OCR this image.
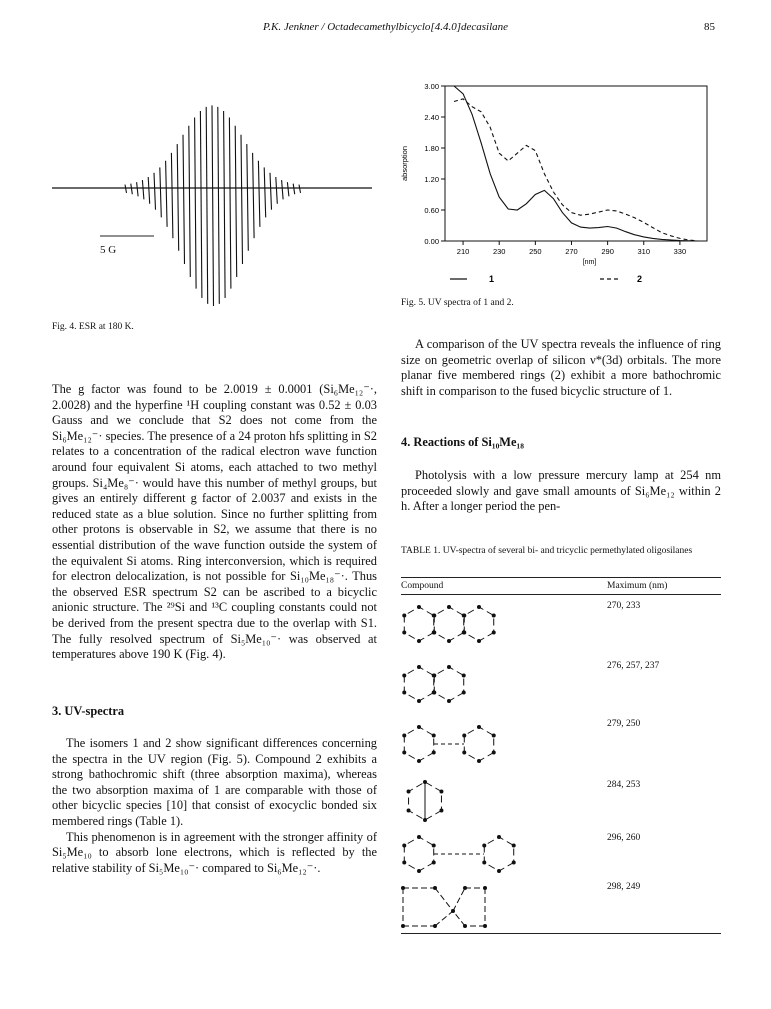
P.K. Jenkner / Octadecamethylbicyclo[4.4.0]decasilane	85
5 G
Fig. 4. ESR at 180 K.
0.00
0.60
1.20
1.80
2.40
3.00
210	230	250	270	290	310	330
[nm]
absorption
1	2
Fig. 5. UV spectra of 1 and 2.

The g factor was found to be 2.0019 ± 0.0001 (Si₆Me₁₂⁻·, 2.0028) and the hyperfine ¹H coupling constant was 0.52 ± 0.03 Gauss and we conclude that S2 does not come from the Si₆Me₁₂⁻· species. The presence of a 24 proton hfs splitting in S2 relates to a concentration of the radical electron wave function around four equivalent Si atoms, each attached to two methyl groups. Si₄Me₈⁻· would have this number of methyl groups, but gives an entirely different g factor of 2.0037 and exists in the reduced state as a blue solution. Since no further splitting from other protons is observable in S2, we assume that there is no essential distribution of the wave function outside the system of the equivalent Si atoms. Ring interconversion, which is required for electron delocalization, is not possible for Si₁₀Me₁₈⁻·. Thus the observed ESR spectrum S2 can be ascribed to a bicyclic anionic structure. The ²⁹Si and ¹³C coupling constants could not be derived from the present spectra due to the overlap with S1. The fully resolved spectrum of Si₅Me₁₀⁻· was observed at temperatures above 190 K (Fig. 4).

3. UV-spectra

The isomers 1 and 2 show significant differences concerning the spectra in the UV region (Fig. 5). Compound 2 exhibits a strong bathochromic shift (three absorption maxima), whereas the two absorption maxima of 1 are comparable with those of other bicyclic species [10] that consist of exocyclic bonded six membered rings (Table 1).

This phenomenon is in agreement with the stronger affinity of Si₅Me₁₀ to absorb lone electrons, which is reflected by the relative stability of Si₅Me₁₀⁻· compared to Si₆Me₁₂⁻·.

A comparison of the UV spectra reveals the influence of ring size on geometric overlap of silicon ν*(3d) orbitals. The more planar five membered rings (2) exhibit a more bathochromic shift in comparison to the fused bicyclic structure of 1.

4. Reactions of Si₁₀Me₁₈

Photolysis with a low pressure mercury lamp at 254 nm proceeded slowly and gave small amounts of Si₆Me₁₂ within 2 h. After a longer period the pen-

TABLE 1. UV-spectra of several bi- and tricyclic permethylated oligosilanes
Compound	Maximum (nm)
270, 233
276, 257, 237
279, 250
284, 253
296, 260
298, 249
